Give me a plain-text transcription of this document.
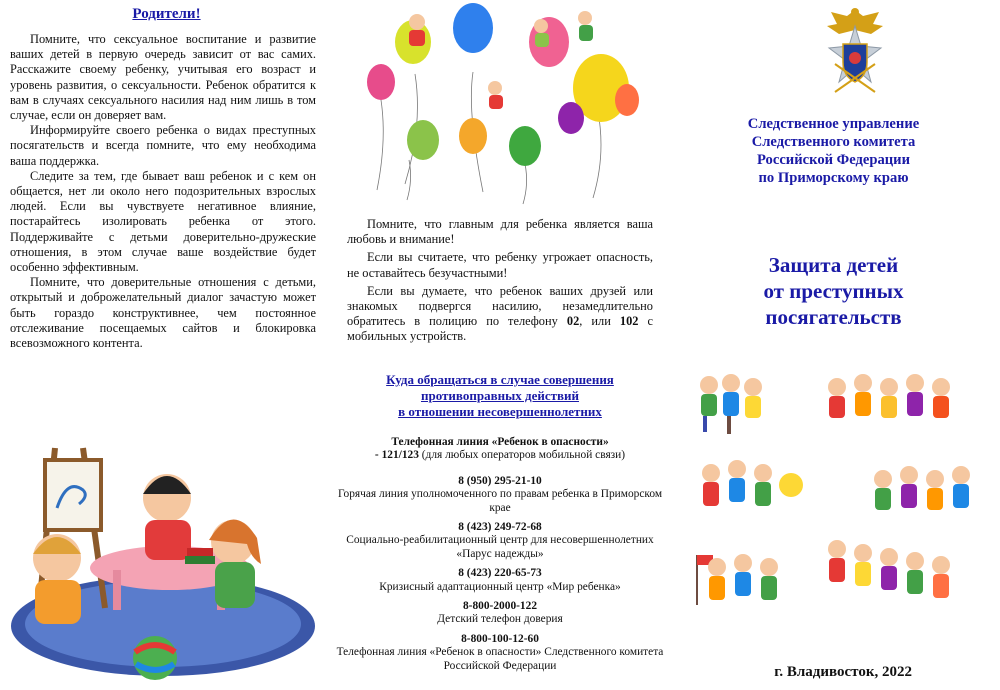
Родители!

Помните, что сексуальное воспитание и развитие ваших детей в первую очередь зависит от вас самих. Расскажите своему ребенку, учитывая его возраст и уровень развития, о сексуальности. Ребенок обратится к вам в случаях сексуального насилия над ним лишь в том случае, если он доверяет вам.

Информируйте своего ребенка о видах преступных посягательств и всегда помните, что ему необходима ваша поддержка.

Следите за тем, где бывает ваш ребенок и с кем он общается, нет ли около него подозрительных взрослых людей. Если вы чувствуете негативное влияние, постарайтесь изолировать ребенка от этого. Поддерживайте с детьми доверительно-дружеские отношения, в этом случае ваше воздействие будет особенно эффективным.

Помните, что доверительные отношения с детьми, открытый и доброжелательный диалог зачастую может быть гораздо конструктивнее, чем постоянное отслеживание посещаемых сайтов и блокировка всевозможного контента.

Помните, что главным для ребенка является ваша любовь и внимание!

Если вы считаете, что ребенку угрожает опасность, не оставайтесь безучастными!

Если вы думаете, что ребенок ваших друзей или знакомых подвергся насилию, незамедлительно обратитесь в полицию по телефону 02, или 102 с мобильных устройств.

Куда обращаться в случае совершения
противоправных действий
в отношении несовершеннолетних

Телефонная линия «Ребенок в опасности»

- 121/123 (для любых операторов мобильной связи)

8 (950) 295-21-10

Горячая линия уполномоченного по правам ребенка в Приморском крае

8 (423) 249-72-68

Социально-реабилитационный центр для несовершеннолетних «Парус надежды»

8 (423) 220-65-73

Кризисный адаптационный центр «Мир ребенка»

8-800-2000-122

Детский телефон доверия

8-800-100-12-60

Телефонная линия «Ребенок в опасности» Следственного комитета Российской Федерации

Следственное управление
Следственного комитета
Российской Федерации
по Приморскому краю
Защита детей
от преступных
посягательств
г. Владивосток, 2022
